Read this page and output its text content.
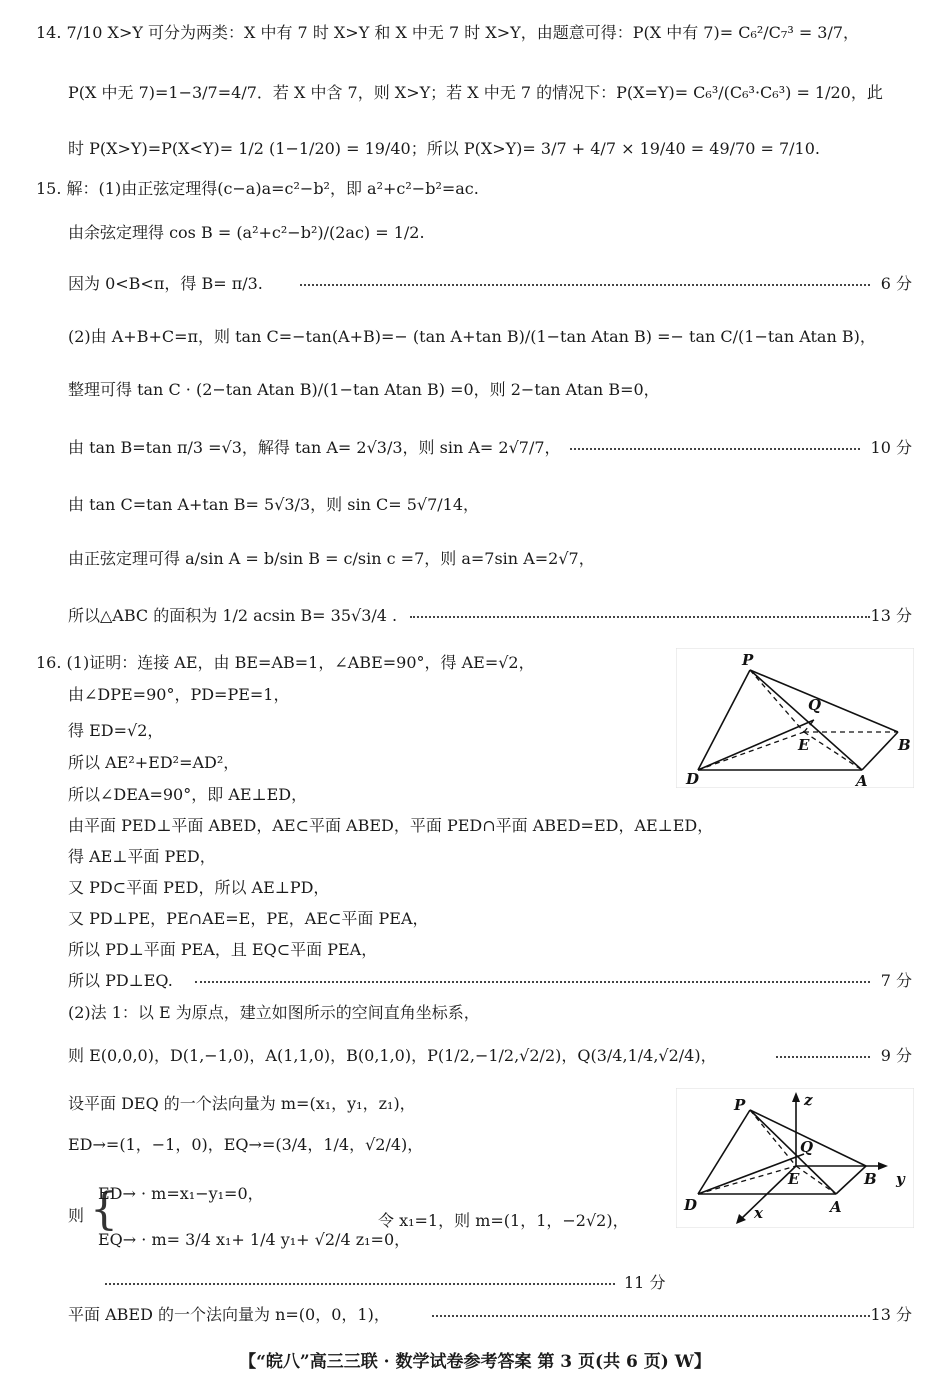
14. 7/10 X>Y 可分为两类：X 中有 7 时 X>Y 和 X 中无 7 时 X>Y，由题意可得：P(X 中有 7)= C₆²/C₇³ = 3/7，
P(X 中无 7)=1−3/7=4/7．若 X 中含 7，则 X>Y；若 X 中无 7 的情况下：P(X=Y)= C₆³/(C₆³·C₆³) = 1/20，此
时 P(X>Y)=P(X<Y)= 1/2 (1−1/20) = 19/40；所以 P(X>Y)= 3/7 + 4/7 × 19/40 = 49/70 = 7/10.
15. 解：(1)由正弦定理得(c−a)a=c²−b²，即 a²+c²−b²=ac.
由余弦定理得 cos B = (a²+c²−b²)/(2ac) = 1/2.
因为 0<B<π，得 B= π/3.	6 分
(2)由 A+B+C=π，则 tan C=−tan(A+B)=− (tan A+tan B)/(1−tan Atan B) =− tan C/(1−tan Atan B)，
整理可得 tan C · (2−tan Atan B)/(1−tan Atan B) =0，则 2−tan Atan B=0，
由 tan B=tan π/3 =√3，解得 tan A= 2√3/3，则 sin A= 2√7/7，	10 分
由 tan C=tan A+tan B= 5√3/3，则 sin C= 5√7/14，
由正弦定理可得 a/sin A = b/sin B = c/sin c =7，则 a=7sin A=2√7，
所以△ABC 的面积为 1/2 acsin B= 35√3/4 .	13 分
16. (1)证明：连接 AE，由 BE=AB=1，∠ABE=90°，得 AE=√2，
由∠DPE=90°，PD=PE=1，
得 ED=√2，
所以 AE²+ED²=AD²，
所以∠DEA=90°，即 AE⊥ED，
由平面 PED⊥平面 ABED，AE⊂平面 ABED，平面 PED∩平面 ABED=ED，AE⊥ED，
得 AE⊥平面 PED，
又 PD⊂平面 PED，所以 AE⊥PD，
又 PD⊥PE，PE∩AE=E，PE，AE⊂平面 PEA，
所以 PD⊥平面 PEA，且 EQ⊂平面 PEA，
所以 PD⊥EQ.	7 分
(2)法 1：以 E 为原点，建立如图所示的空间直角坐标系，
则 E(0,0,0)，D(1,−1,0)，A(1,1,0)，B(0,1,0)，P(1/2,−1/2,√2/2)，Q(3/4,1/4,√2/4)，	9 分
设平面 DEQ 的一个法向量为 m=(x₁，y₁，z₁)，
ED→=(1，−1，0)，EQ→=(3/4，1/4，√2/4)，
则 {
ED→ · m=x₁−y₁=0，
EQ→ · m= 3/4 x₁+ 1/4 y₁+ √2/4 z₁=0，
令 x₁=1，则 m=(1，1，−2√2)，
11 分
平面 ABED 的一个法向量为 n=(0，0，1)，	13 分
P
Q
E	B
D	A
P	z
Q
E	B y
D	A
x
【“皖八”高三三联 · 数学试卷参考答案 第 3 页(共 6 页) W】
